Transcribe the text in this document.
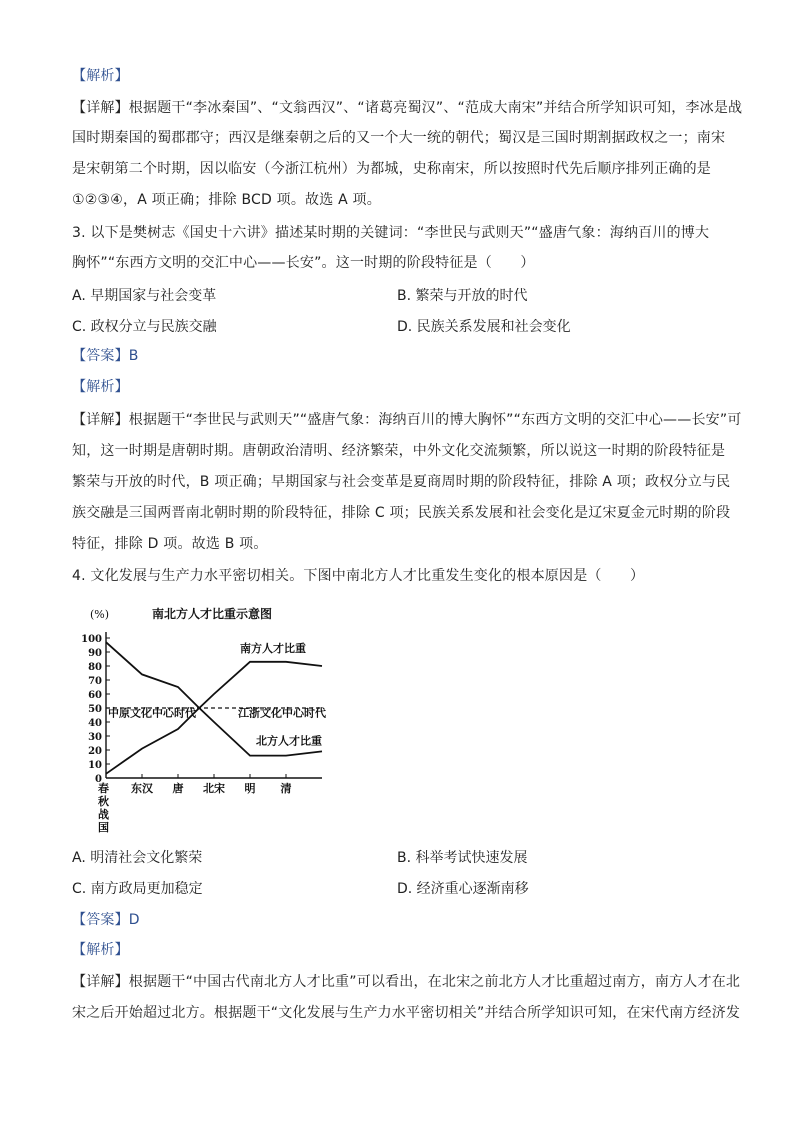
【解析】
【详解】根据题干“李冰秦国”、“文翁西汉”、“诸葛亮蜀汉”、“范成大南宋”并结合所学知识可知，李冰是战
国时期秦国的蜀郡郡守；西汉是继秦朝之后的又一个大一统的朝代；蜀汉是三国时期割据政权之一；南宋
是宋朝第二个时期，因以临安（今浙江杭州）为都城，史称南宋，所以按照时代先后顺序排列正确的是
①②③④，A 项正确；排除 BCD 项。故选 A 项。
3. 以下是樊树志《国史十六讲》描述某时期的关键词：“李世民与武则天”“盛唐气象：海纳百川的博大
胸怀”“东西方文明的交汇中心——长安”。这一时期的阶段特征是（　　）
A. 早期国家与社会变革	B. 繁荣与开放的时代
C. 政权分立与民族交融	D. 民族关系发展和社会变化
【答案】B
【解析】
【详解】根据题干“李世民与武则天”“盛唐气象：海纳百川的博大胸怀”“东西方文明的交汇中心——长安”可
知，这一时期是唐朝时期。唐朝政治清明、经济繁荣，中外文化交流频繁，所以说这一时期的阶段特征是
繁荣与开放的时代，B 项正确；早期国家与社会变革是夏商周时期的阶段特征，排除 A 项；政权分立与民
族交融是三国两晋南北朝时期的阶段特征，排除 C 项；民族关系发展和社会变化是辽宋夏金元时期的阶段
特征，排除 D 项。故选 B 项。
4. 文化发展与生产力水平密切相关。下图中南北方人才比重发生变化的根本原因是（　　）
南北方人才比重示意图
(%)
0
10
20
30
40
50
60
70
80
90
100
春
秋
战
国
东汉 唐 北宋 明 清
南方人才比重
中原文化中心时代	江浙文化中心时代
北方人才比重
A. 明清社会文化繁荣	B. 科举考试快速发展
C. 南方政局更加稳定	D. 经济重心逐渐南移
【答案】D
【解析】
【详解】根据题干“中国古代南北方人才比重”可以看出，在北宋之前北方人才比重超过南方，南方人才在北
宋之后开始超过北方。根据题干“文化发展与生产力水平密切相关”并结合所学知识可知，在宋代南方经济发
